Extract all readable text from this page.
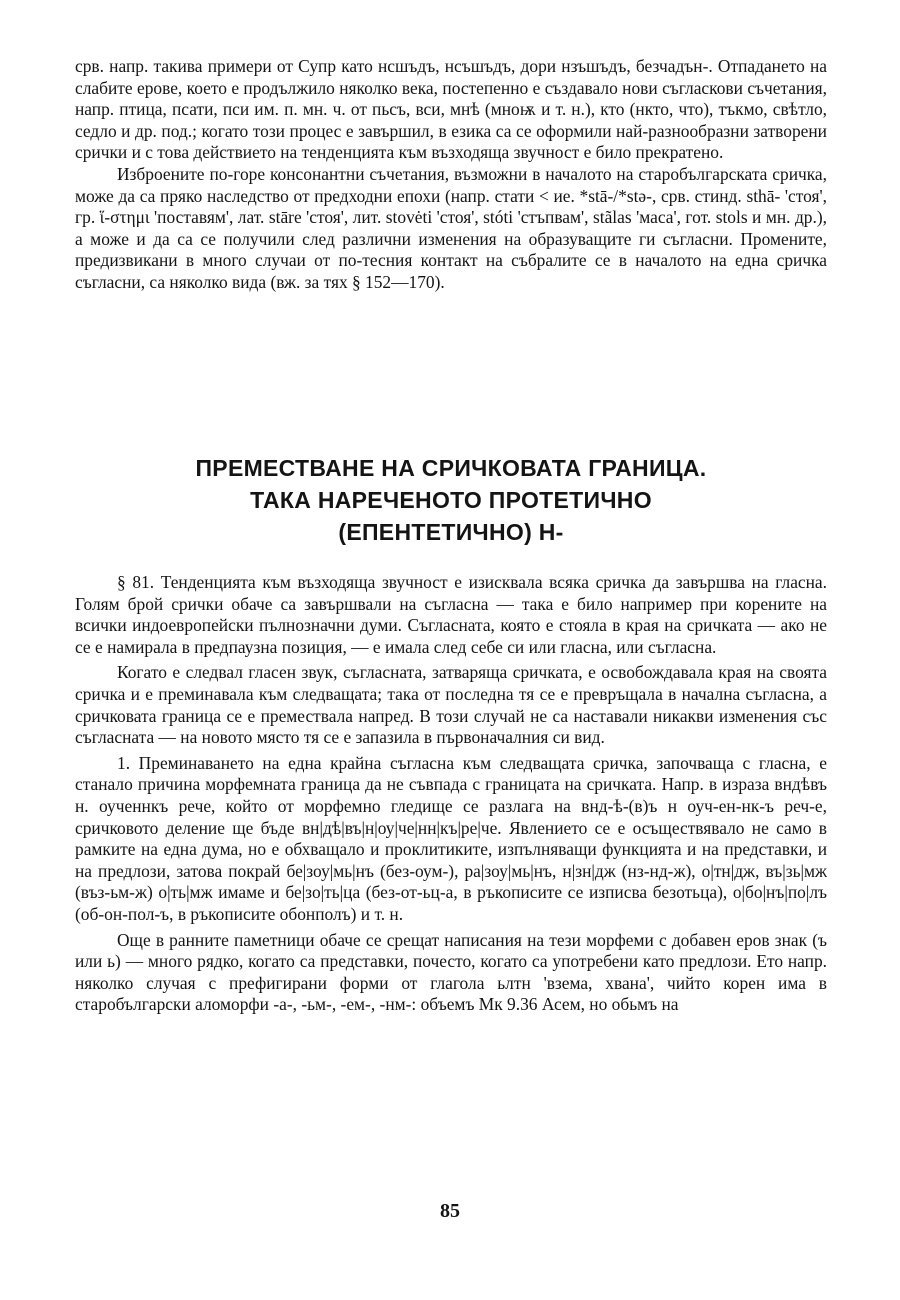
срв. напр. такива примери от Супр като нсшъдъ, нсъшъдъ, дори нзъшъдъ, безчадън-. Отпадането на слабите ерове, което е продължило няколко века, постепенно е създавало нови съгласкови съчетания, напр. птица, псати, пси им. п. мн. ч. от пьсъ, вси, мнѣ (мноѭ и т. н.), кто (нкто, что), тъкмо, свѣтло, седло и др. под.; когато този процес е завършил, в езика са се оформили най-разнообразни затворени срички и с това действието на тенденцията към възходяща звучност е било прекратено.

Изброените по-горе консонантни съчетания, възможни в началото на старобългарската сричка, може да са пряко наследство от предходни епохи (напр. стати < ие. *stā-/*stə-, срв. стинд. sthā- 'стоя', гр. ἵ-στημι 'поставям', лат. stāre 'стоя', лит. stovėti 'стоя', stóti 'стъпвам', stãlas 'маса', гот. stols и мн. др.), а може и да са се получили след различни изменения на образуващите ги съгласни. Промените, предизвикани в много случаи от по-тесния контакт на събралите се в началото на една сричка съгласни, са няколко вида (вж. за тях § 152—170).

ПРЕМЕСТВАНЕ НА СРИЧКОВАТА ГРАНИЦА.
ТАКА НАРЕЧЕНОТО ПРОТЕТИЧНО
(ЕПЕНТЕТИЧНО) Н-

§ 81. Тенденцията към възходяща звучност е изисквала всяка сричка да завършва на гласна. Голям брой срички обаче са завършвали на съгласна — така е било например при корените на всички индоевропейски пълнозначни думи. Съгласната, която е стояла в края на сричката — ако не се е намирала в предпаузна позиция, — е имала след себе си или гласна, или съгласна.

Когато е следвал гласен звук, съгласната, затваряща сричката, е освобождавала края на своята сричка и е преминавала към следващата; така от последна тя се е превръщала в начална съгласна, а сричковата граница се е премествала напред. В този случай не са наставали никакви изменения със съгласната — на новото място тя се е запазила в първоначалния си вид.

1. Преминаването на една крайна съгласна към следващата сричка, започваща с гласна, е станало причина морфемната граница да не съвпада с границата на сричката. Напр. в израза вндѣвъ н. оученнкъ рече, който от морфемно гледище се разлага на внд-ѣ-(в)ъ н оуч-ен-нк-ъ реч-е, сричковото деление ще бъде вн|дѣ|въ|н|оу|че|нн|къ|ре|че. Явлението се е осъществявало не само в рамките на една дума, но е обхващало и проклитиките, изпълняващи функцията и на представки, и на предлози, затова покрай бе|зоу|мь|нъ (без-оум-), ра|зоу|мь|нъ, н|зн|дж (нз-нд-ж), о|тн|дж, въ|зь|мж (въз-ьм-ж) о|ть|мж имаме и бе|зо|ть|ца (без-от-ьц-а, в ръкописите се изписва безотьца), о|бо|нъ|по|лъ (об-он-пол-ъ, в ръкописите обонполъ) и т. н.

Още в ранните паметници обаче се срещат написания на тези морфеми с добавен еров знак (ъ или ь) — много рядко, когато са представки, почесто, когато са употребени като предлози. Ето напр. няколко случая с префигирани форми от глагола ьлтн 'взема, хвана', чийто корен има в старобългарски аломорфи -а-, -ьм-, -ем-, -нм-: объемъ Мк 9.36 Асем, но обьмъ на

85
